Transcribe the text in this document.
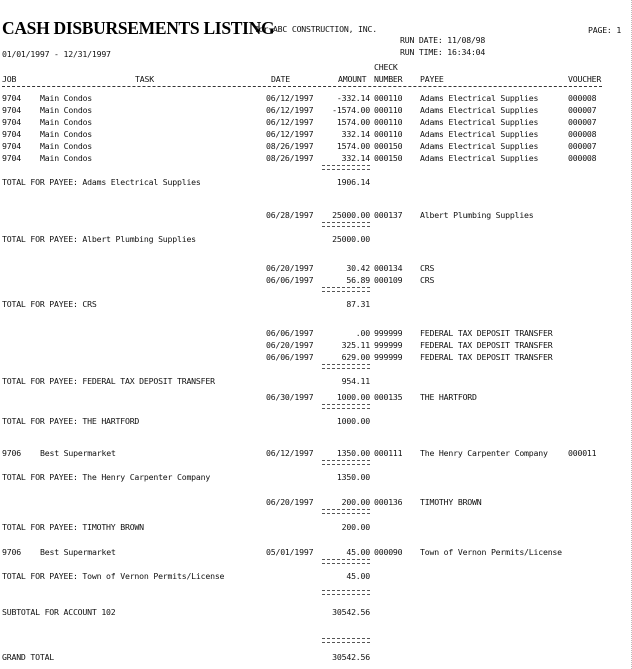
CASH DISBURSEMENTS LISTING
for ABC CONSTRUCTION, INC.	PAGE: 1
RUN DATE: 11/08/98
RUN TIME: 16:34:04
01/01/1997 - 12/31/1997
CHECK
JOB	TASK	DATE	AMOUNT NUMBER PAYEE	VOUCHER
9704 Main Condos	06/12/1997	-332.14 000110 Adams Electrical Supplies	000008
9704 Main Condos	06/12/1997	-1574.00 000110 Adams Electrical Supplies	000007
9704 Main Condos	06/12/1997	1574.00 000110 Adams Electrical Supplies	000007
9704 Main Condos	06/12/1997	332.14 000110 Adams Electrical Supplies	000008
9704 Main Condos	08/26/1997	1574.00 000150 Adams Electrical Supplies	000007
9704 Main Condos	08/26/1997	332.14 000150 Adams Electrical Supplies	000008
TOTAL FOR PAYEE: Adams Electrical Supplies	1906.14
06/28/1997	25000.00 000137 Albert Plumbing Supplies
TOTAL FOR PAYEE: Albert Plumbing Supplies	25000.00
06/20/1997	30.42 000134 CRS
06/06/1997	56.89 000109 CRS
TOTAL FOR PAYEE: CRS	87.31
06/06/1997	.00 999999 FEDERAL TAX DEPOSIT TRANSFER
06/20/1997	325.11 999999 FEDERAL TAX DEPOSIT TRANSFER
06/06/1997	629.00 999999 FEDERAL TAX DEPOSIT TRANSFER
TOTAL FOR PAYEE: FEDERAL TAX DEPOSIT TRANSFER	954.11
06/30/1997	1000.00 000135 THE HARTFORD
TOTAL FOR PAYEE: THE HARTFORD	1000.00
9706 Best Supermarket	06/12/1997	1350.00 000111 The Henry Carpenter Company 000011
TOTAL FOR PAYEE: The Henry Carpenter Company	1350.00
06/20/1997	200.00 000136 TIMOTHY BROWN
TOTAL FOR PAYEE: TIMOTHY BROWN	200.00
9706 Best Supermarket	05/01/1997	45.00 000090 Town of Vernon Permits/License
TOTAL FOR PAYEE: Town of Vernon Permits/License	45.00
SUBTOTAL FOR ACCOUNT 102	30542.56
GRAND TOTAL	30542.56
